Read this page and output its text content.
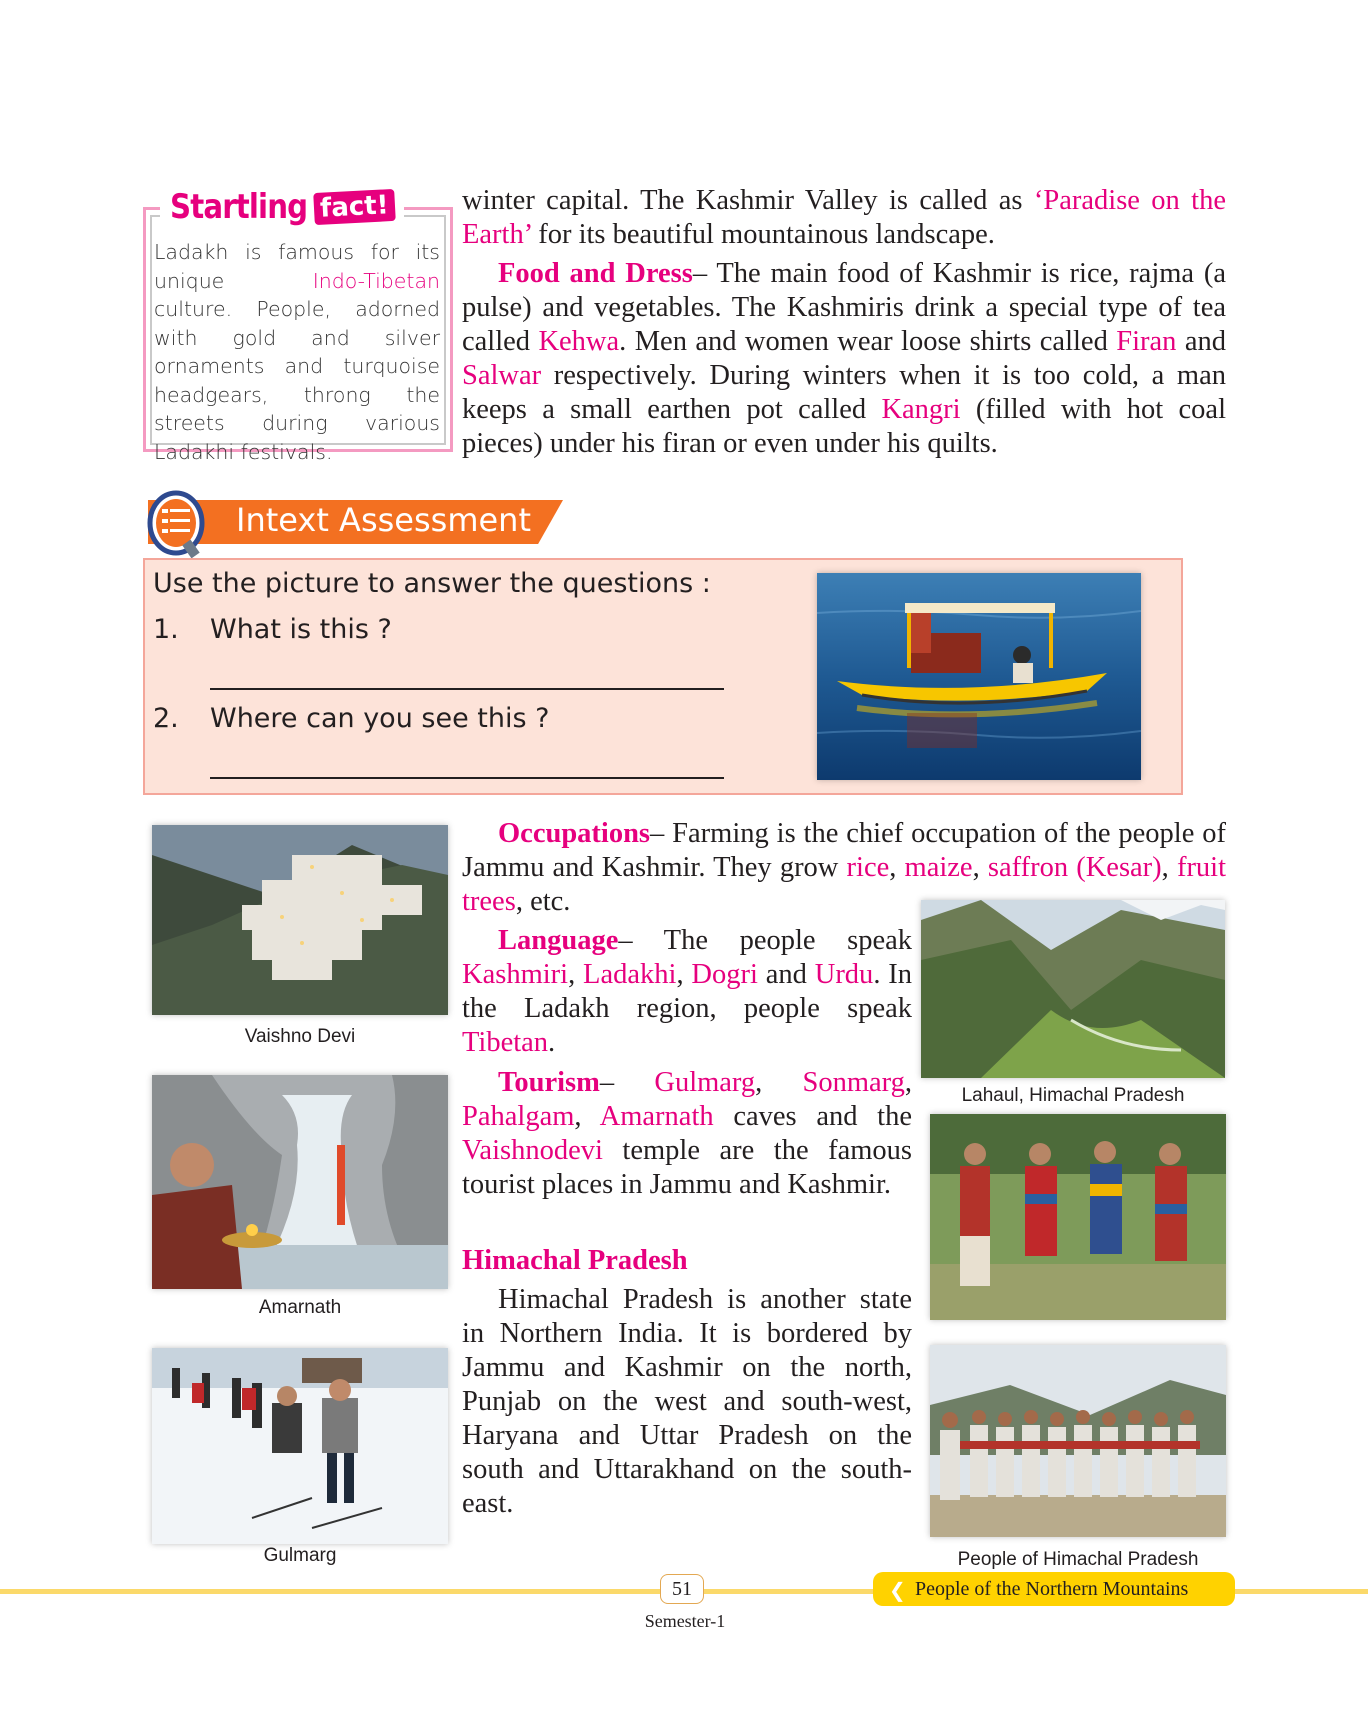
Startling fact!
Ladakh is famous for its unique Indo-Tibetan culture. People, adorned with gold and silver ornaments and turquoise headgears, throng the streets during various Ladakhi festivals.
winter capital. The Kashmir Valley is called as ‘Paradise on the Earth’ for its beautiful mountainous landscape.
Food and Dress– The main food of Kashmir is rice, rajma (a pulse) and vegetables. The Kashmiris drink a special type of tea called Kehwa. Men and women wear loose shirts called Firan and Salwar respectively. During winters when it is too cold, a man keeps a small earthen pot called Kangri (filled with hot coal pieces) under his firan or even under his quilts.
Intext Assessment
Use the picture to answer the questions :
1. What is this ?
2. Where can you see this ?
Vaishno Devi
Amarnath
Gulmarg
Lahaul, Himachal Pradesh
People of Himachal Pradesh
Occupations– Farming is the chief occupation of the people of Jammu and Kashmir. They grow rice, maize, saffron (Kesar), fruit trees, etc.
Language– The people speak Kashmiri, Ladakhi, Dogri and Urdu. In the Ladakh region, people speak Tibetan.
Tourism– Gulmarg, Sonmarg, Pahalgam, Amarnath caves and the Vaishnodevi temple are the famous tourist places in Jammu and Kashmir.
Himachal Pradesh
Himachal Pradesh is another state in Northern India. It is bordered by Jammu and Kashmir on the north, Punjab on the west and south-west, Haryana and Uttar Pradesh on the south and Uttarakhand on the south-east.
51	People of the Northern Mountains
❮
Semester-1
